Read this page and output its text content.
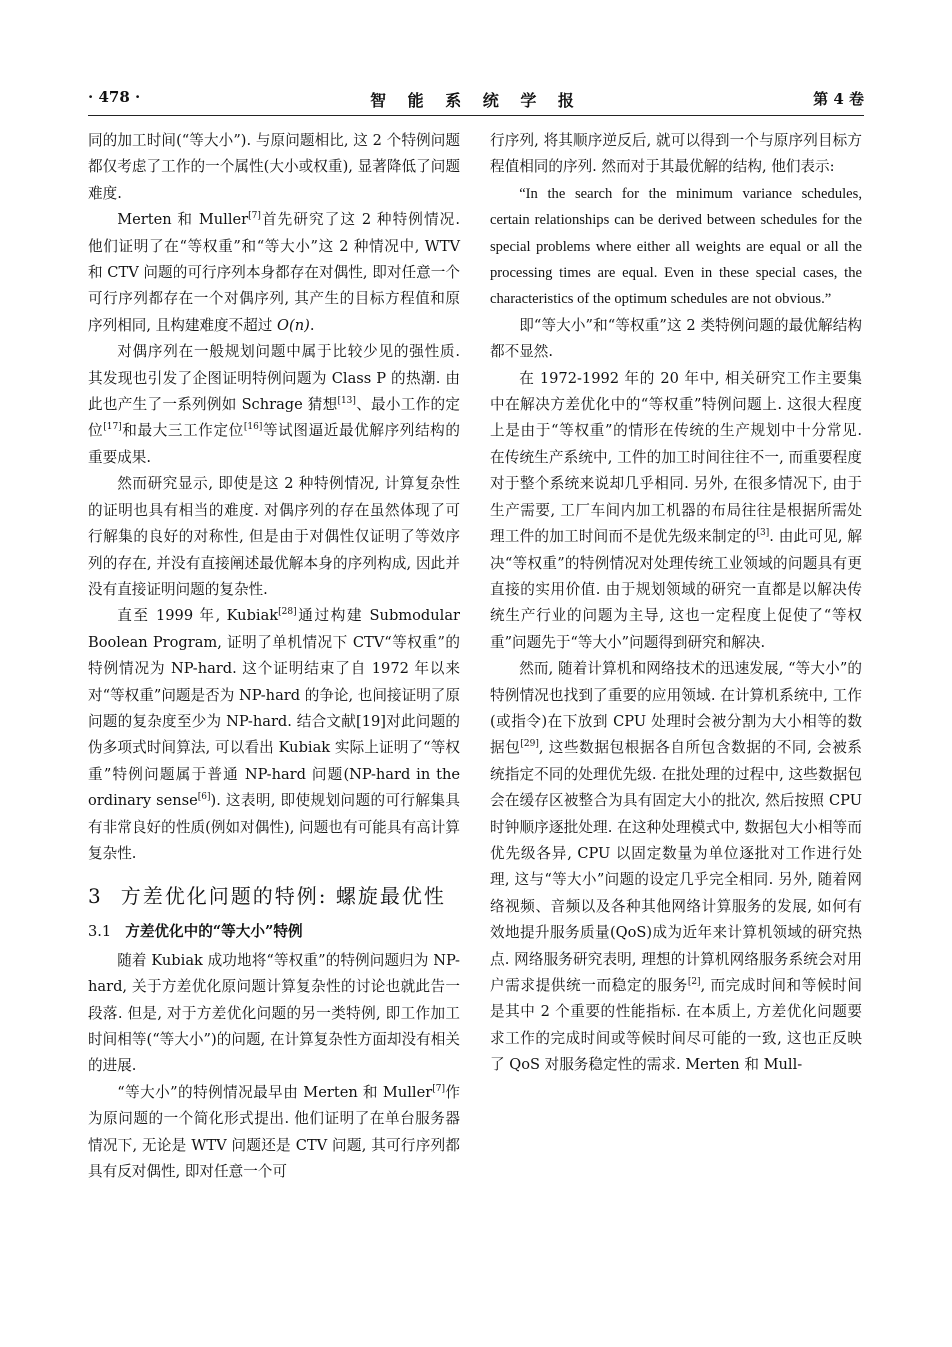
· 478 ·	智 能 系 统 学 报	第 4 卷

同的加工时间(“等大小”). 与原问题相比, 这 2 个特例问题都仅考虑了工作的一个属性(大小或权重), 显著降低了问题难度.

Merten 和 Muller[7]首先研究了这 2 种特例情况. 他们证明了在“等权重”和“等大小”这 2 种情况中, WTV 和 CTV 问题的可行序列本身都存在对偶性, 即对任意一个可行序列都存在一个对偶序列, 其产生的目标方程值和原序列相同, 且构建难度不超过 O(n).

对偶序列在一般规划问题中属于比较少见的强性质. 其发现也引发了企图证明特例问题为 Class P 的热潮. 由此也产生了一系列例如 Schrage 猜想[13]、最小工作的定位[17]和最大三工作定位[16]等试图逼近最优解序列结构的重要成果.

然而研究显示, 即使是这 2 种特例情况, 计算复杂性的证明也具有相当的难度. 对偶序列的存在虽然体现了可行解集的良好的对称性, 但是由于对偶性仅证明了等效序列的存在, 并没有直接阐述最优解本身的序列构成, 因此并没有直接证明问题的复杂性.

直至 1999 年, Kubiak[28]通过构建 Submodular Boolean Program, 证明了单机情况下 CTV“等权重”的特例情况为 NP-hard. 这个证明结束了自 1972 年以来对“等权重”问题是否为 NP-hard 的争论, 也间接证明了原问题的复杂度至少为 NP-hard. 结合文献[19]对此问题的伪多项式时间算法, 可以看出 Kubiak 实际上证明了“等权重”特例问题属于普通 NP-hard 问题(NP-hard in the ordinary sense[6]). 这表明, 即使规划问题的可行解集具有非常良好的性质(例如对偶性), 问题也有可能具有高计算复杂性.

3 方差优化问题的特例: 螺旋最优性
3.1 方差优化中的“等大小”特例

随着 Kubiak 成功地将“等权重”的特例问题归为 NP-hard, 关于方差优化原问题计算复杂性的讨论也就此告一段落. 但是, 对于方差优化问题的另一类特例, 即工作加工时间相等(“等大小”)的问题, 在计算复杂性方面却没有相关的进展.

“等大小”的特例情况最早由 Merten 和 Muller[7]作为原问题的一个简化形式提出. 他们证明了在单台服务器情况下, 无论是 WTV 问题还是 CTV 问题, 其可行序列都具有反对偶性, 即对任意一个可

行序列, 将其顺序逆反后, 就可以得到一个与原序列目标方程值相同的序列. 然而对于其最优解的结构, 他们表示:

“In the search for the minimum variance schedules, certain relationships can be derived between schedules for the special problems where either all weights are equal or all the processing times are equal. Even in these special cases, the characteristics of the optimum schedules are not obvious.”

即“等大小”和“等权重”这 2 类特例问题的最优解结构都不显然.

在 1972-1992 年的 20 年中, 相关研究工作主要集中在解决方差优化中的“等权重”特例问题上. 这很大程度上是由于“等权重”的情形在传统的生产规划中十分常见. 在传统生产系统中, 工件的加工时间往往不一, 而重要程度对于整个系统来说却几乎相同. 另外, 在很多情况下, 由于生产需要, 工厂车间内加工机器的布局往往是根据所需处理工件的加工时间而不是优先级来制定的[3]. 由此可见, 解决“等权重”的特例情况对处理传统工业领域的问题具有更直接的实用价值. 由于规划领域的研究一直都是以解决传统生产行业的问题为主导, 这也一定程度上促使了“等权重”问题先于“等大小”问题得到研究和解决.

然而, 随着计算机和网络技术的迅速发展, “等大小”的特例情况也找到了重要的应用领域. 在计算机系统中, 工作(或指令)在下放到 CPU 处理时会被分割为大小相等的数据包[29], 这些数据包根据各自所包含数据的不同, 会被系统指定不同的处理优先级. 在批处理的过程中, 这些数据包会在缓存区被整合为具有固定大小的批次, 然后按照 CPU 时钟顺序逐批处理. 在这种处理模式中, 数据包大小相等而优先级各异, CPU 以固定数量为单位逐批对工作进行处理, 这与“等大小”问题的设定几乎完全相同. 另外, 随着网络视频、音频以及各种其他网络计算服务的发展, 如何有效地提升服务质量(QoS)成为近年来计算机领域的研究热点. 网络服务研究表明, 理想的计算机网络服务系统会对用户需求提供统一而稳定的服务[2], 而完成时间和等候时间是其中 2 个重要的性能指标. 在本质上, 方差优化问题要求工作的完成时间或等候时间尽可能的一致, 这也正反映了 QoS 对服务稳定性的需求. Merten 和 Mull-
